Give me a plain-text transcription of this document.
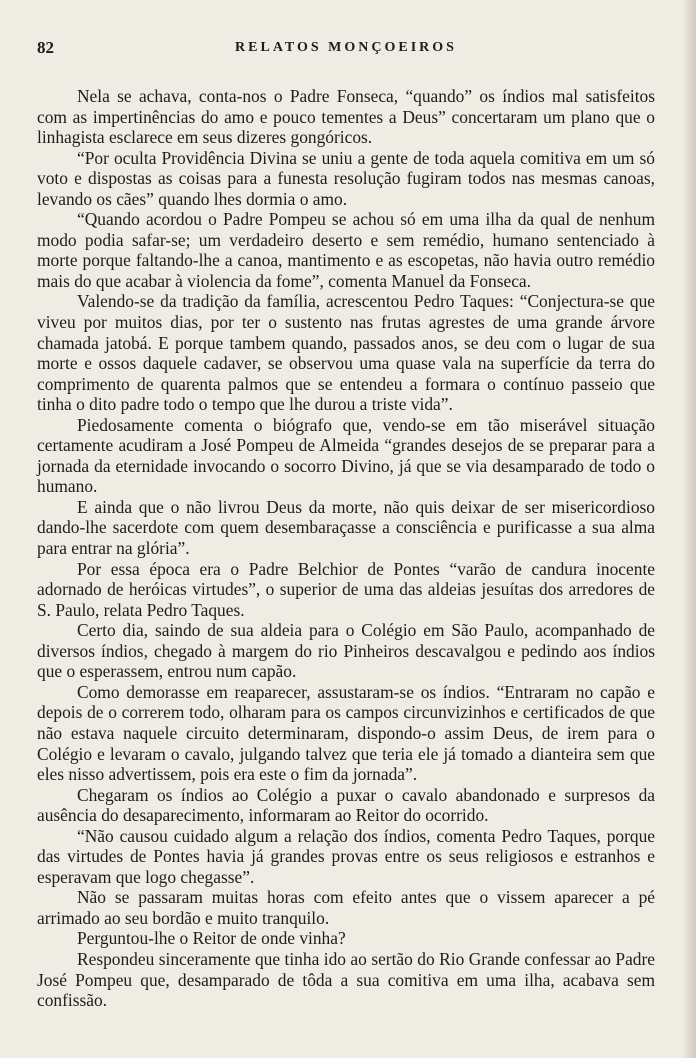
82	RELATOS MONÇOEIROS

Nela se achava, conta-nos o Padre Fonseca, “quando” os índios mal satisfeitos com as impertinências do amo e pouco tementes a Deus” concertaram um plano que o linhagista esclarece em seus dizeres gongóricos.

“Por oculta Providência Divina se uniu a gente de toda aquela comitiva em um só voto e dispostas as coisas para a funesta resolução fugiram todos nas mesmas canoas, levando os cães” quando lhes dormia o amo.

“Quando acordou o Padre Pompeu se achou só em uma ilha da qual de nenhum modo podia safar-se; um verdadeiro deserto e sem remédio, humano sentenciado à morte porque faltando-lhe a canoa, mantimento e as escopetas, não havia outro remédio mais do que acabar à violencia da fome”, comenta Manuel da Fonseca.

Valendo-se da tradição da família, acrescentou Pedro Taques: “Conjectura-se que viveu por muitos dias, por ter o sustento nas frutas agrestes de uma grande árvore chamada jatobá. E porque tambem quando, passados anos, se deu com o lugar de sua morte e ossos daquele cadaver, se observou uma quase vala na superfície da terra do comprimento de quarenta palmos que se entendeu a formara o contínuo passeio que tinha o dito padre todo o tempo que lhe durou a triste vida”.

Piedosamente comenta o biógrafo que, vendo-se em tão miserável situação certamente acudiram a José Pompeu de Almeida “grandes desejos de se preparar para a jornada da eternidade invocando o socorro Divino, já que se via desamparado de todo o humano.

E ainda que o não livrou Deus da morte, não quis deixar de ser misericordioso dando-lhe sacerdote com quem desembaraçasse a consciência e purificasse a sua alma para entrar na glória”.

Por essa época era o Padre Belchior de Pontes “varão de candura inocente adornado de heróicas virtudes”, o superior de uma das aldeias jesuítas dos arredores de S. Paulo, relata Pedro Taques.

Certo dia, saindo de sua aldeia para o Colégio em São Paulo, acompanhado de diversos índios, chegado à margem do rio Pinheiros descavalgou e pedindo aos índios que o esperassem, entrou num capão.

Como demorasse em reaparecer, assustaram-se os índios. “Entraram no capão e depois de o correrem todo, olharam para os campos circunvizinhos e certificados de que não estava naquele circuito determinaram, dispondo-o assim Deus, de irem para o Colégio e levaram o cavalo, julgando talvez que teria ele já tomado a dianteira sem que eles nisso advertissem, pois era este o fim da jornada”.

Chegaram os índios ao Colégio a puxar o cavalo abandonado e surpresos da ausência do desaparecimento, informaram ao Reitor do ocorrido.

“Não causou cuidado algum a relação dos índios, comenta Pedro Taques, porque das virtudes de Pontes havia já grandes provas entre os seus religiosos e estranhos e esperavam que logo chegasse”.

Não se passaram muitas horas com efeito antes que o vissem aparecer a pé arrimado ao seu bordão e muito tranquilo.

Perguntou-lhe o Reitor de onde vinha?

Respondeu sinceramente que tinha ido ao sertão do Rio Grande confessar ao Padre José Pompeu que, desamparado de tôda a sua comitiva em uma ilha, acabava sem confissão.
